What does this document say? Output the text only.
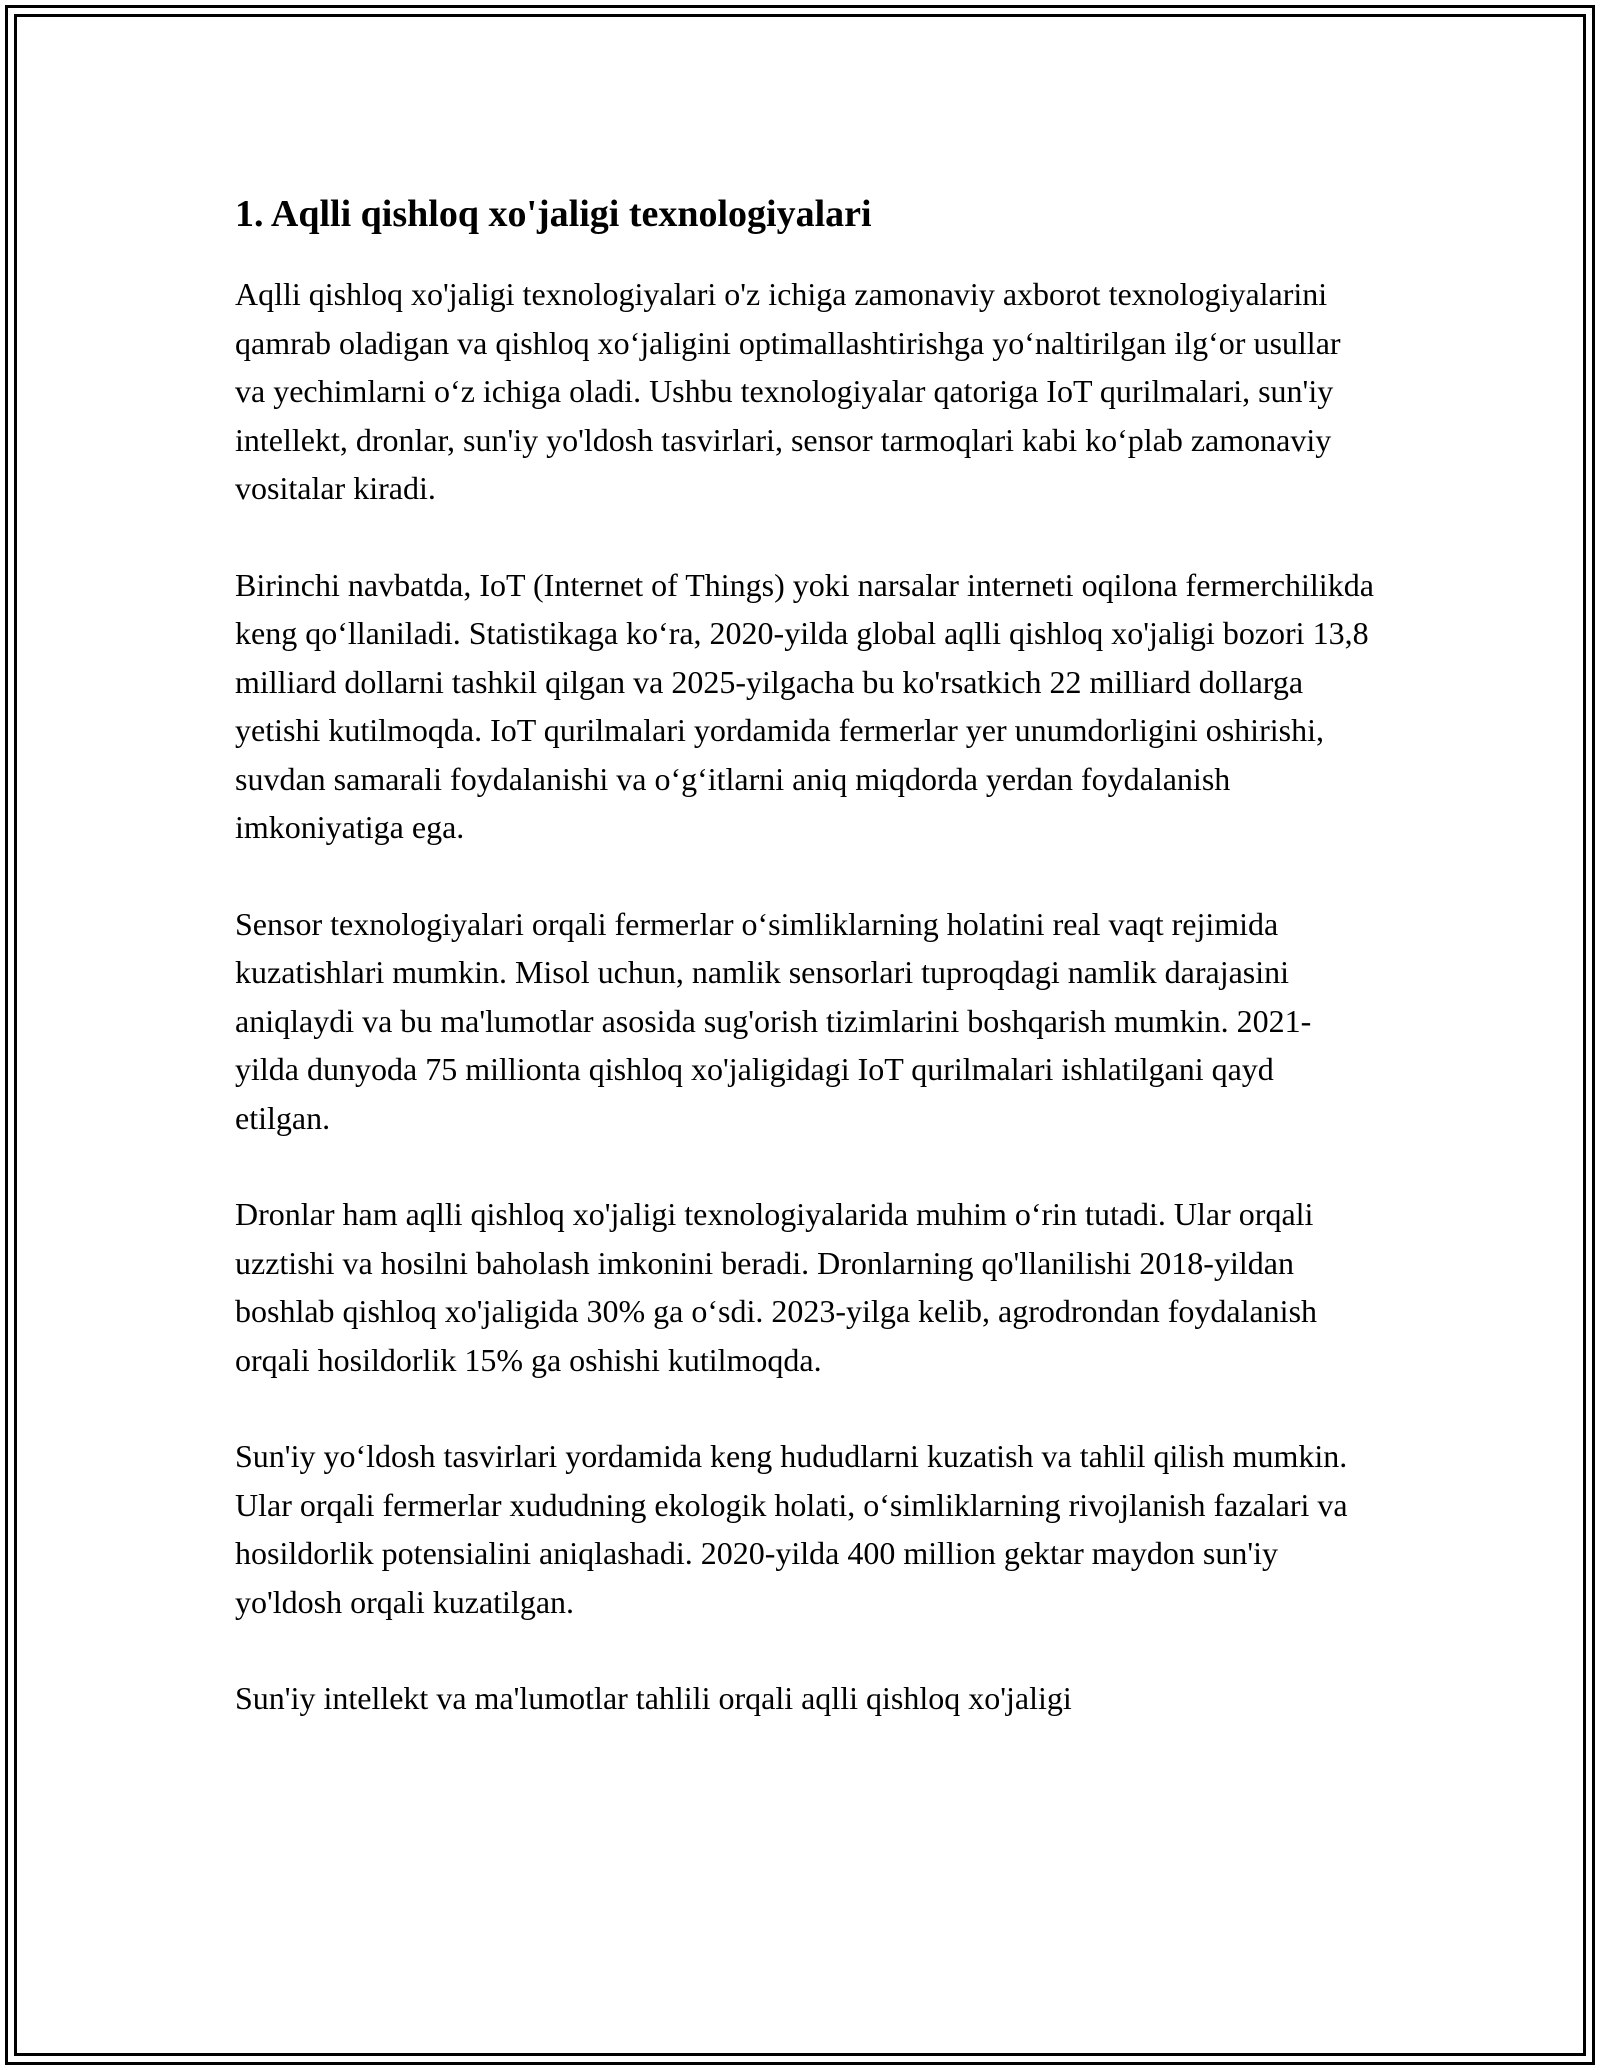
1. Aqlli qishloq xo'jaligi texnologiyalari

Aqlli qishloq xo'jaligi texnologiyalari o'z ichiga zamonaviy axborot texnologiyalarini qamrab oladigan va qishloq xo‘jaligini optimallashtirishga yo‘naltirilgan ilg‘or usullar va yechimlarni o‘z ichiga oladi. Ushbu texnologiyalar qatoriga IoT qurilmalari, sun'iy intellekt, dronlar, sun'iy yo'ldosh tasvirlari, sensor tarmoqlari kabi ko‘plab zamonaviy vositalar kiradi.

Birinchi navbatda, IoT (Internet of Things) yoki narsalar interneti oqilona fermerchilikda keng qo‘llaniladi. Statistikaga ko‘ra, 2020-yilda global aqlli qishloq xo'jaligi bozori 13,8 milliard dollarni tashkil qilgan va 2025-yilgacha bu ko'rsatkich 22 milliard dollarga yetishi kutilmoqda. IoT qurilmalari yordamida fermerlar yer unumdorligini oshirishi, suvdan samarali foydalanishi va o‘g‘itlarni aniq miqdorda yerdan foydalanish imkoniyatiga ega.

Sensor texnologiyalari orqali fermerlar o‘simliklarning holatini real vaqt rejimida kuzatishlari mumkin. Misol uchun, namlik sensorlari tuproqdagi namlik darajasini aniqlaydi va bu ma'lumotlar asosida sug'orish tizimlarini boshqarish mumkin. 2021-yilda dunyoda 75 millionta qishloq xo'jaligidagi IoT qurilmalari ishlatilgani qayd etilgan.

Dronlar ham aqlli qishloq xo'jaligi texnologiyalarida muhim o‘rin tutadi. Ular orqali uzztishi va hosilni baholash imkonini beradi. Dronlarning qo'llanilishi 2018-yildan boshlab qishloq xo'jaligida 30% ga o‘sdi. 2023-yilga kelib, agrodrondan foydalanish orqali hosildorlik 15% ga oshishi kutilmoqda.

Sun'iy yo‘ldosh tasvirlari yordamida keng hududlarni kuzatish va tahlil qilish mumkin. Ular orqali fermerlar xududning ekologik holati, o‘simliklarning rivojlanish fazalari va hosildorlik potensialini aniqlashadi. 2020-yilda 400 million gektar maydon sun'iy yo'ldosh orqali kuzatilgan.

Sun'iy intellekt va ma'lumotlar tahlili orqali aqlli qishloq xo'jaligi
